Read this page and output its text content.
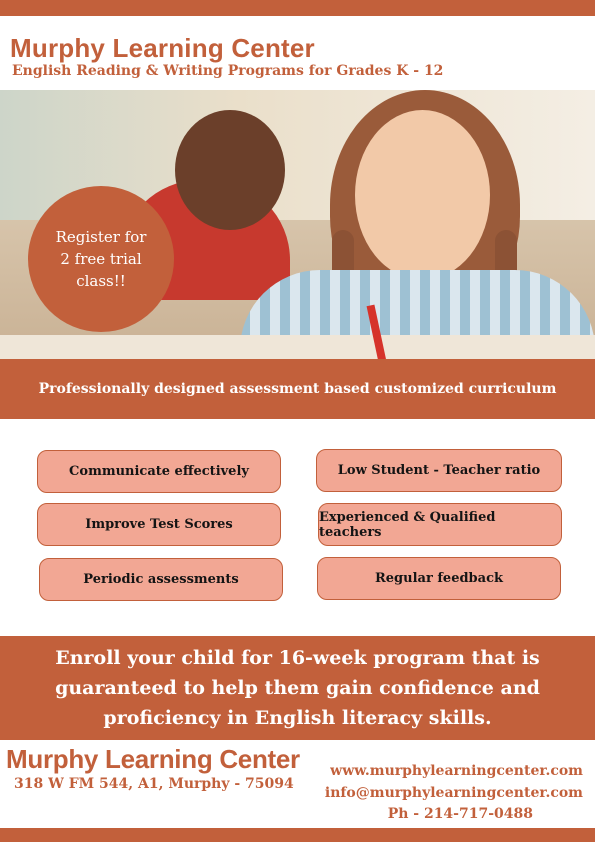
Murphy Learning Center
English Reading & Writing Programs for Grades K - 12
Register for
2 free trial
class!!
Professionally designed assessment based customized curriculum
Communicate effectively	Low Student - Teacher ratio
Improve Test Scores	Experienced & Qualified teachers
Periodic assessments	Regular feedback
Enroll your child for 16-week program that is guaranteed to help them gain confidence and proficiency in English literacy skills.
Murphy Learning Center
318 W FM 544, A1, Murphy - 75094
www.murphylearningcenter.com
info@murphylearningcenter.com
Ph - 214-717-0488
